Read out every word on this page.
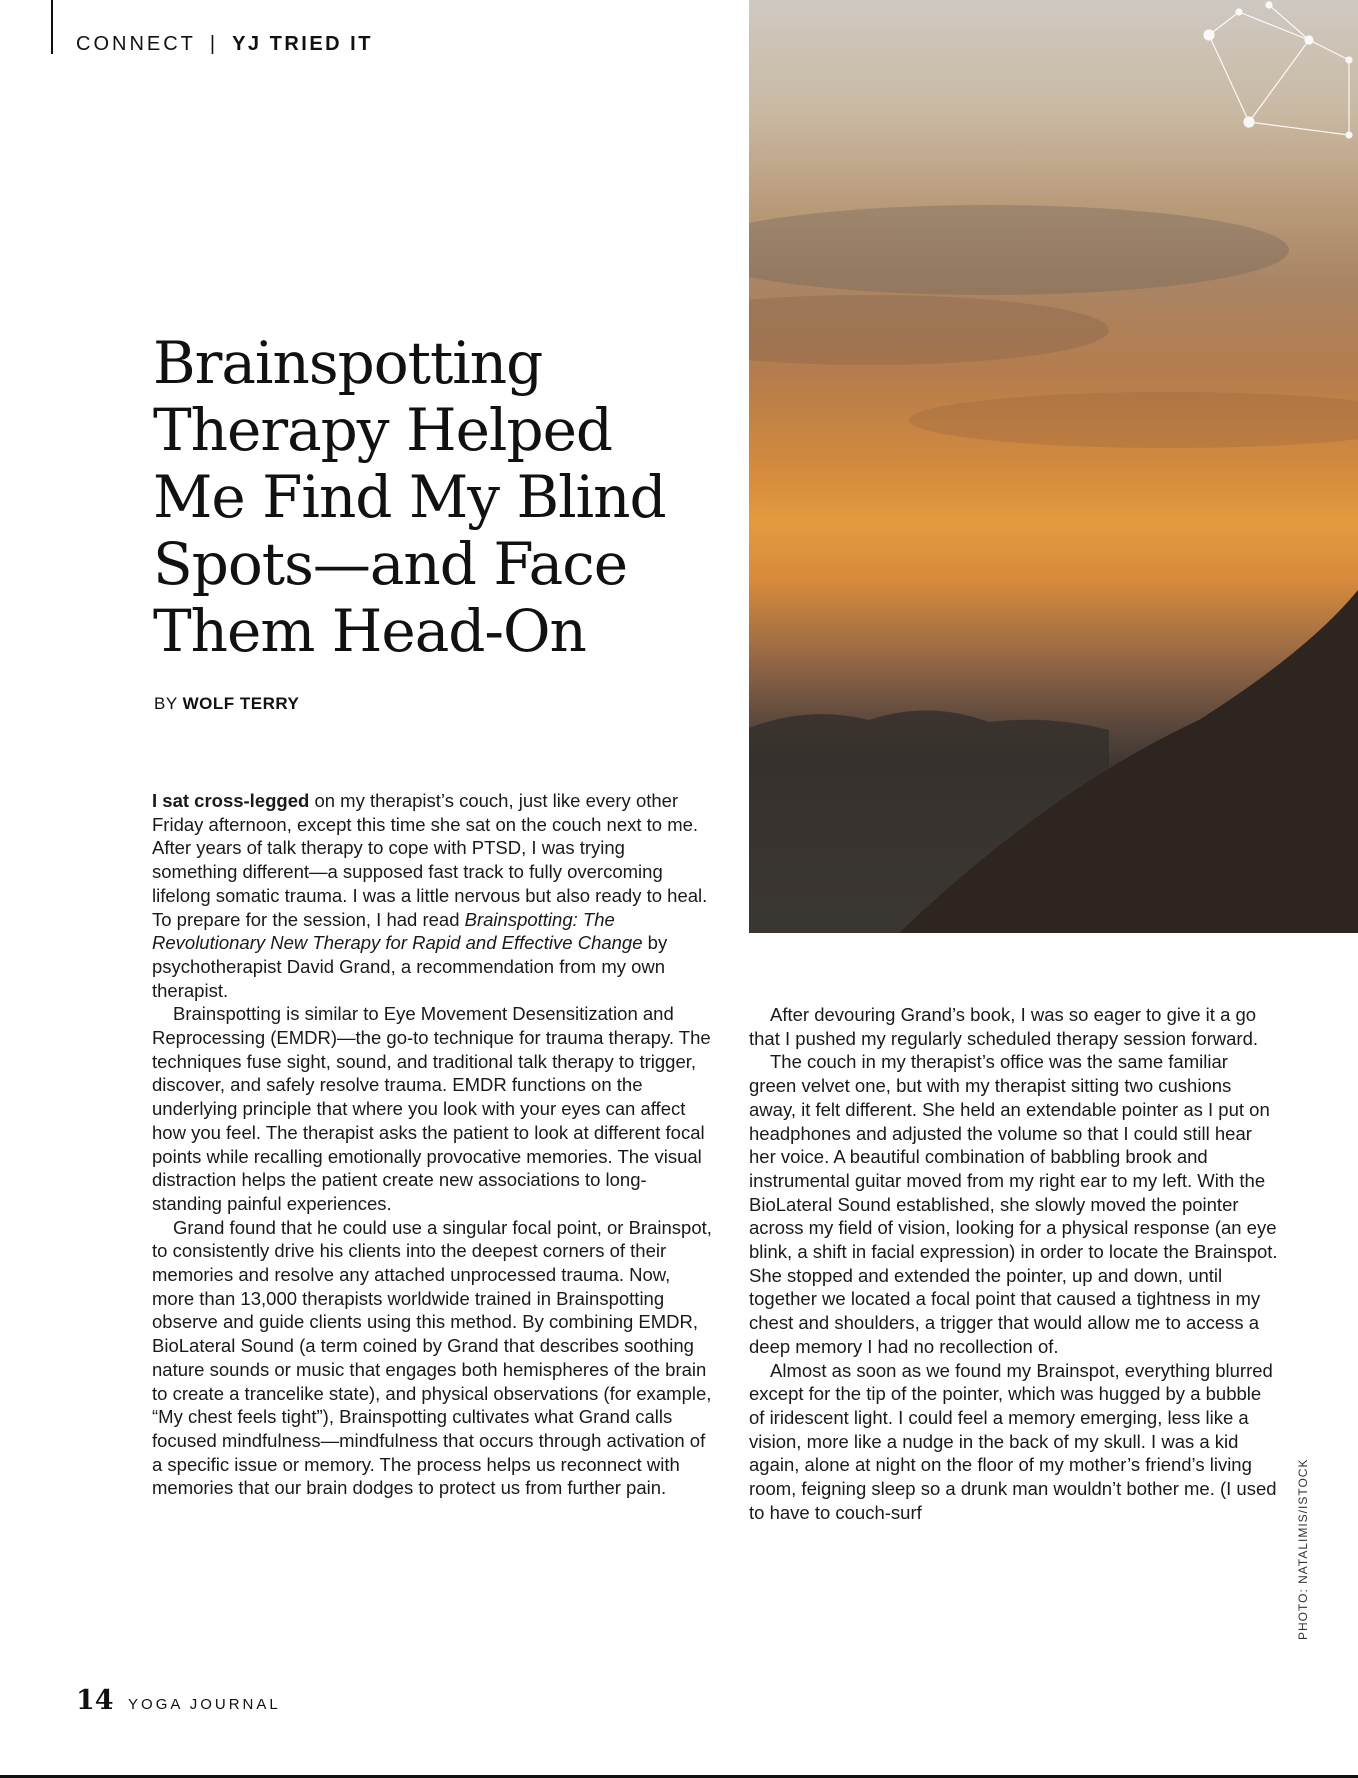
CONNECT | YJ TRIED IT
Brainspotting
Therapy Helped
Me Find My Blind
Spots—and Face
Them Head-On
BY WOLF TERRY

I sat cross-legged on my therapist’s couch, just like every other Friday afternoon, except this time she sat on the couch next to me. After years of talk therapy to cope with PTSD, I was trying something different—a supposed fast track to fully overcoming lifelong somatic trauma. I was a little nervous but also ready to heal. To prepare for the session, I had read Brainspotting: The Revolutionary New Therapy for Rapid and Effective Change by psychotherapist David Grand, a recommendation from my own therapist.

Brainspotting is similar to Eye Movement Desensitization and Reprocessing (EMDR)—the go-to technique for trauma therapy. The techniques fuse sight, sound, and traditional talk therapy to trigger, discover, and safely resolve trauma. EMDR functions on the underlying principle that where you look with your eyes can affect how you feel. The therapist asks the patient to look at different focal points while recalling emotionally provocative memories. The visual distraction helps the patient create new associations to long-standing painful experiences.

Grand found that he could use a singular focal point, or Brainspot, to consistently drive his clients into the deepest corners of their memories and resolve any attached unprocessed trauma. Now, more than 13,000 therapists worldwide trained in Brainspotting observe and guide clients using this method. By combining EMDR, BioLateral Sound (a term coined by Grand that describes soothing nature sounds or music that engages both hemispheres of the brain to create a trancelike state), and physical observations (for example, “My chest feels tight”), Brainspotting cultivates what Grand calls focused mindfulness—mindfulness that occurs through activation of a specific issue or memory. The process helps us reconnect with memories that our brain dodges to protect us from further pain.

After devouring Grand’s book, I was so eager to give it a go that I pushed my regularly scheduled therapy session forward.

The couch in my therapist’s office was the same familiar green velvet one, but with my therapist sitting two cushions away, it felt different. She held an extendable pointer as I put on headphones and adjusted the volume so that I could still hear her voice. A beautiful combination of babbling brook and instrumental guitar moved from my right ear to my left. With the BioLateral Sound established, she slowly moved the pointer across my field of vision, looking for a physical response (an eye blink, a shift in facial expression) in order to locate the Brainspot. She stopped and extended the pointer, up and down, until together we located a focal point that caused a tightness in my chest and shoulders, a trigger that would allow me to access a deep memory I had no recollection of.

Almost as soon as we found my Brainspot, everything blurred except for the tip of the pointer, which was hugged by a bubble of iridescent light. I could feel a memory emerging, less like a vision, more like a nudge in the back of my skull. I was a kid again, alone at night on the floor of my mother’s friend’s living room, feigning sleep so a drunk man wouldn’t bother me. (I used to have to couch-surf	PHOTO: NATALIMIS/ISTOCK
14 YOGA JOURNAL
